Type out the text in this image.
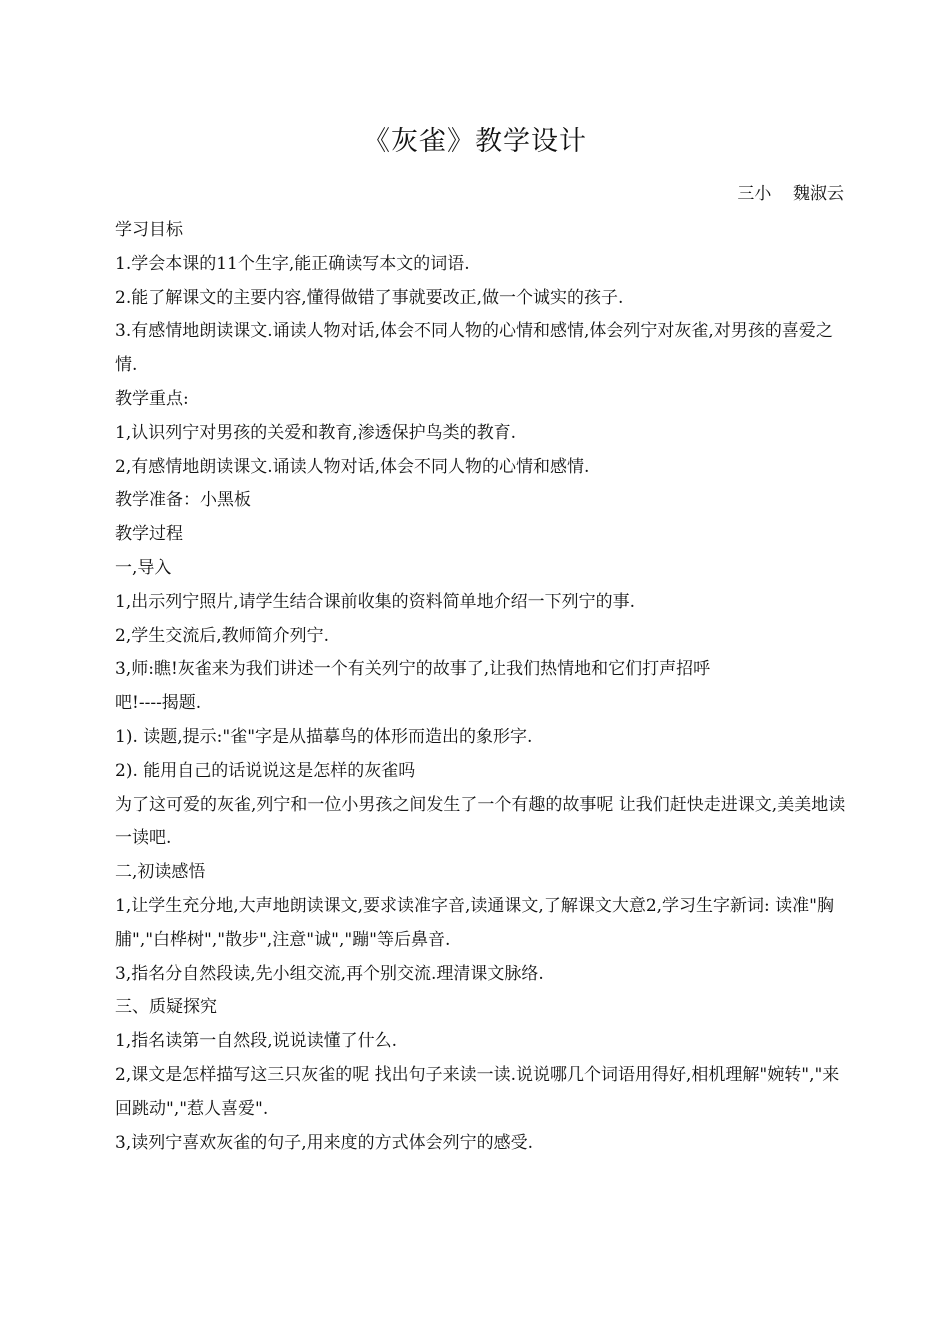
《灰雀》教学设计
三小    魏淑云

学习目标

1.学会本课的11个生字,能正确读写本文的词语.

2.能了解课文的主要内容,懂得做错了事就要改正,做一个诚实的孩子.

3.有感情地朗读课文.诵读人物对话,体会不同人物的心情和感情,体会列宁对灰雀,对男孩的喜爱之情.

教学重点:

1,认识列宁对男孩的关爱和教育,渗透保护鸟类的教育.

2,有感情地朗读课文.诵读人物对话,体会不同人物的心情和感情.

教学准备：小黑板

教学过程

一,导入

1,出示列宁照片,请学生结合课前收集的资料简单地介绍一下列宁的事.

2,学生交流后,教师简介列宁.

3,师:瞧!灰雀来为我们讲述一个有关列宁的故事了,让我们热情地和它们打声招呼

吧!----揭题.

1). 读题,提示:"雀"字是从描摹鸟的体形而造出的象形字.

2). 能用自己的话说说这是怎样的灰雀吗

为了这可爱的灰雀,列宁和一位小男孩之间发生了一个有趣的故事呢 让我们赶快走进课文,美美地读一读吧.

二,初读感悟

1,让学生充分地,大声地朗读课文,要求读准字音,读通课文,了解课文大意2,学习生字新词: 读准"胸脯","白桦树","散步",注意"诚","蹦"等后鼻音.

3,指名分自然段读,先小组交流,再个别交流.理清课文脉络.

三、质疑探究

1,指名读第一自然段,说说读懂了什么.

2,课文是怎样描写这三只灰雀的呢 找出句子来读一读.说说哪几个词语用得好,相机理解"婉转","来回跳动","惹人喜爱".

3,读列宁喜欢灰雀的句子,用来度的方式体会列宁的感受.
